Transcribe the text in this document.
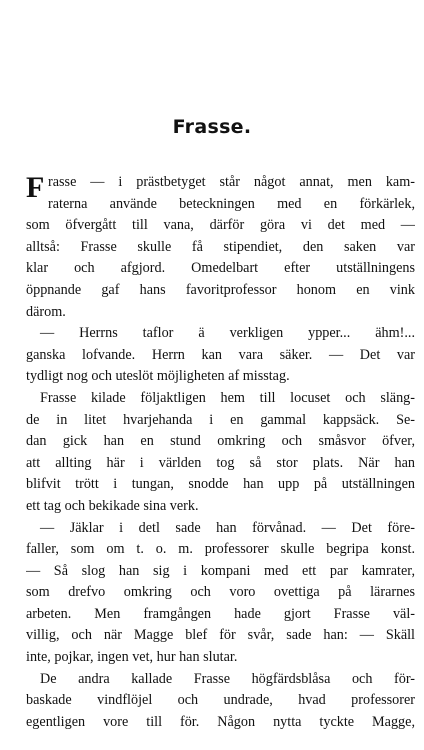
Frasse.
F rasse — i prästbetyget står något annat, men kam-
raterna använde beteckningen med en förkärlek,
som öfvergått till vana, därför göra vi det med —
alltså: Frasse skulle få stipendiet, den saken var
klar och afgjord. Omedelbart efter utställningens
öppnande gaf hans favoritprofessor honom en vink
därom.
— Herrns taflor ä verkligen ypper... ähm!...
ganska lofvande. Herrn kan vara säker. — Det var
tydligt nog och uteslöt möjligheten af misstag.
Frasse kilade följaktligen hem till locuset och släng-
de in litet hvarjehanda i en gammal kappsäck. Se-
dan gick han en stund omkring och småsvor öfver,
att allting här i världen tog så stor plats. När han
blifvit trött i tungan, snodde han upp på utställningen
ett tag och bekikade sina verk.
— Jäklar i detl sade han förvånad. — Det före-
faller, som om t. o. m. professorer skulle begripa konst.
— Så slog han sig i kompani med ett par kamrater,
som drefvo omkring och voro ovettiga på lärarnes
arbeten. Men framgången hade gjort Frasse väl-
villig, och när Magge blef för svår, sade han: — Skäll
inte, pojkar, ingen vet, hur han slutar.
De andra kallade Frasse högfärdsblåsa och för-
baskade vindflöjel och undrade, hvad professorer
egentligen vore till för. Någon nytta tyckte Magge,
